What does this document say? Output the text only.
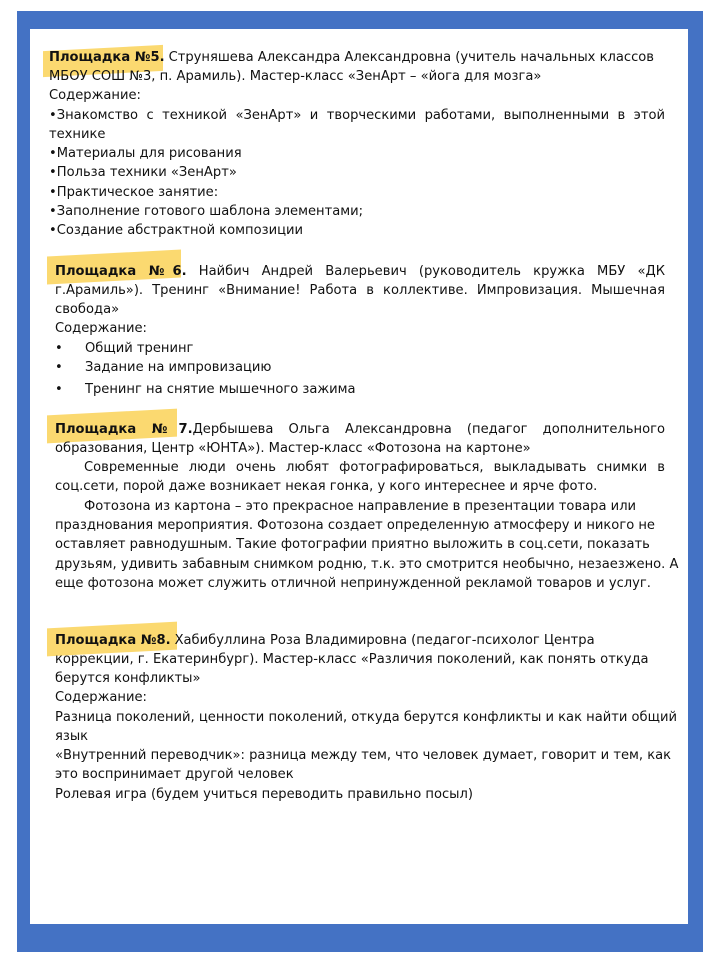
Площадка №5. Струняшева Александра Александровна (учитель начальных классов
МБОУ СОШ №3, п. Арамиль). Мастер-класс «ЗенАрт – «йога для мозга»
Содержание:
•Знакомство с техникой «ЗенАрт» и творческими работами, выполненными в этой
технике
•Материалы для рисования
•Польза техники «ЗенАрт»
•Практическое занятие:
•Заполнение готового шаблона элементами;
•Создание абстрактной композиции
Площадка №6. Найбич Андрей Валерьевич (руководитель кружка МБУ «ДК
г.Арамиль»). Тренинг «Внимание! Работа в коллективе. Импровизация. Мышечная
свобода»
Содержание:
• Общий тренинг
• Задание на импровизацию
• Тренинг на снятие мышечного зажима
Площадка №7.Дербышева Ольга Александровна (педагог дополнительного
образования, Центр «ЮНТА»). Мастер-класс «Фотозона на картоне»
Современные люди очень любят фотографироваться, выкладывать снимки в
соц.сети, порой даже возникает некая гонка, у кого интереснее и ярче фото.
Фотозона из картона – это прекрасное направление в презентации товара или
празднования мероприятия. Фотозона создает определенную атмосферу и никого не
оставляет равнодушным. Такие фотографии приятно выложить в соц.сети, показать
друзьям, удивить забавным снимком родню, т.к. это смотрится необычно, незаезжено. А
еще фотозона может служить отличной непринужденной рекламой товаров и услуг.
Площадка №8. Хабибуллина Роза Владимировна (педагог-психолог Центра
коррекции, г. Екатеринбург). Мастер-класс «Различия поколений, как понять откуда
берутся конфликты»
Содержание:
Разница поколений, ценности поколений, откуда берутся конфликты и как найти общий
язык
«Внутренний переводчик»: разница между тем, что человек думает, говорит и тем, как
это воспринимает другой человек
Ролевая игра (будем учиться переводить правильно посыл)
